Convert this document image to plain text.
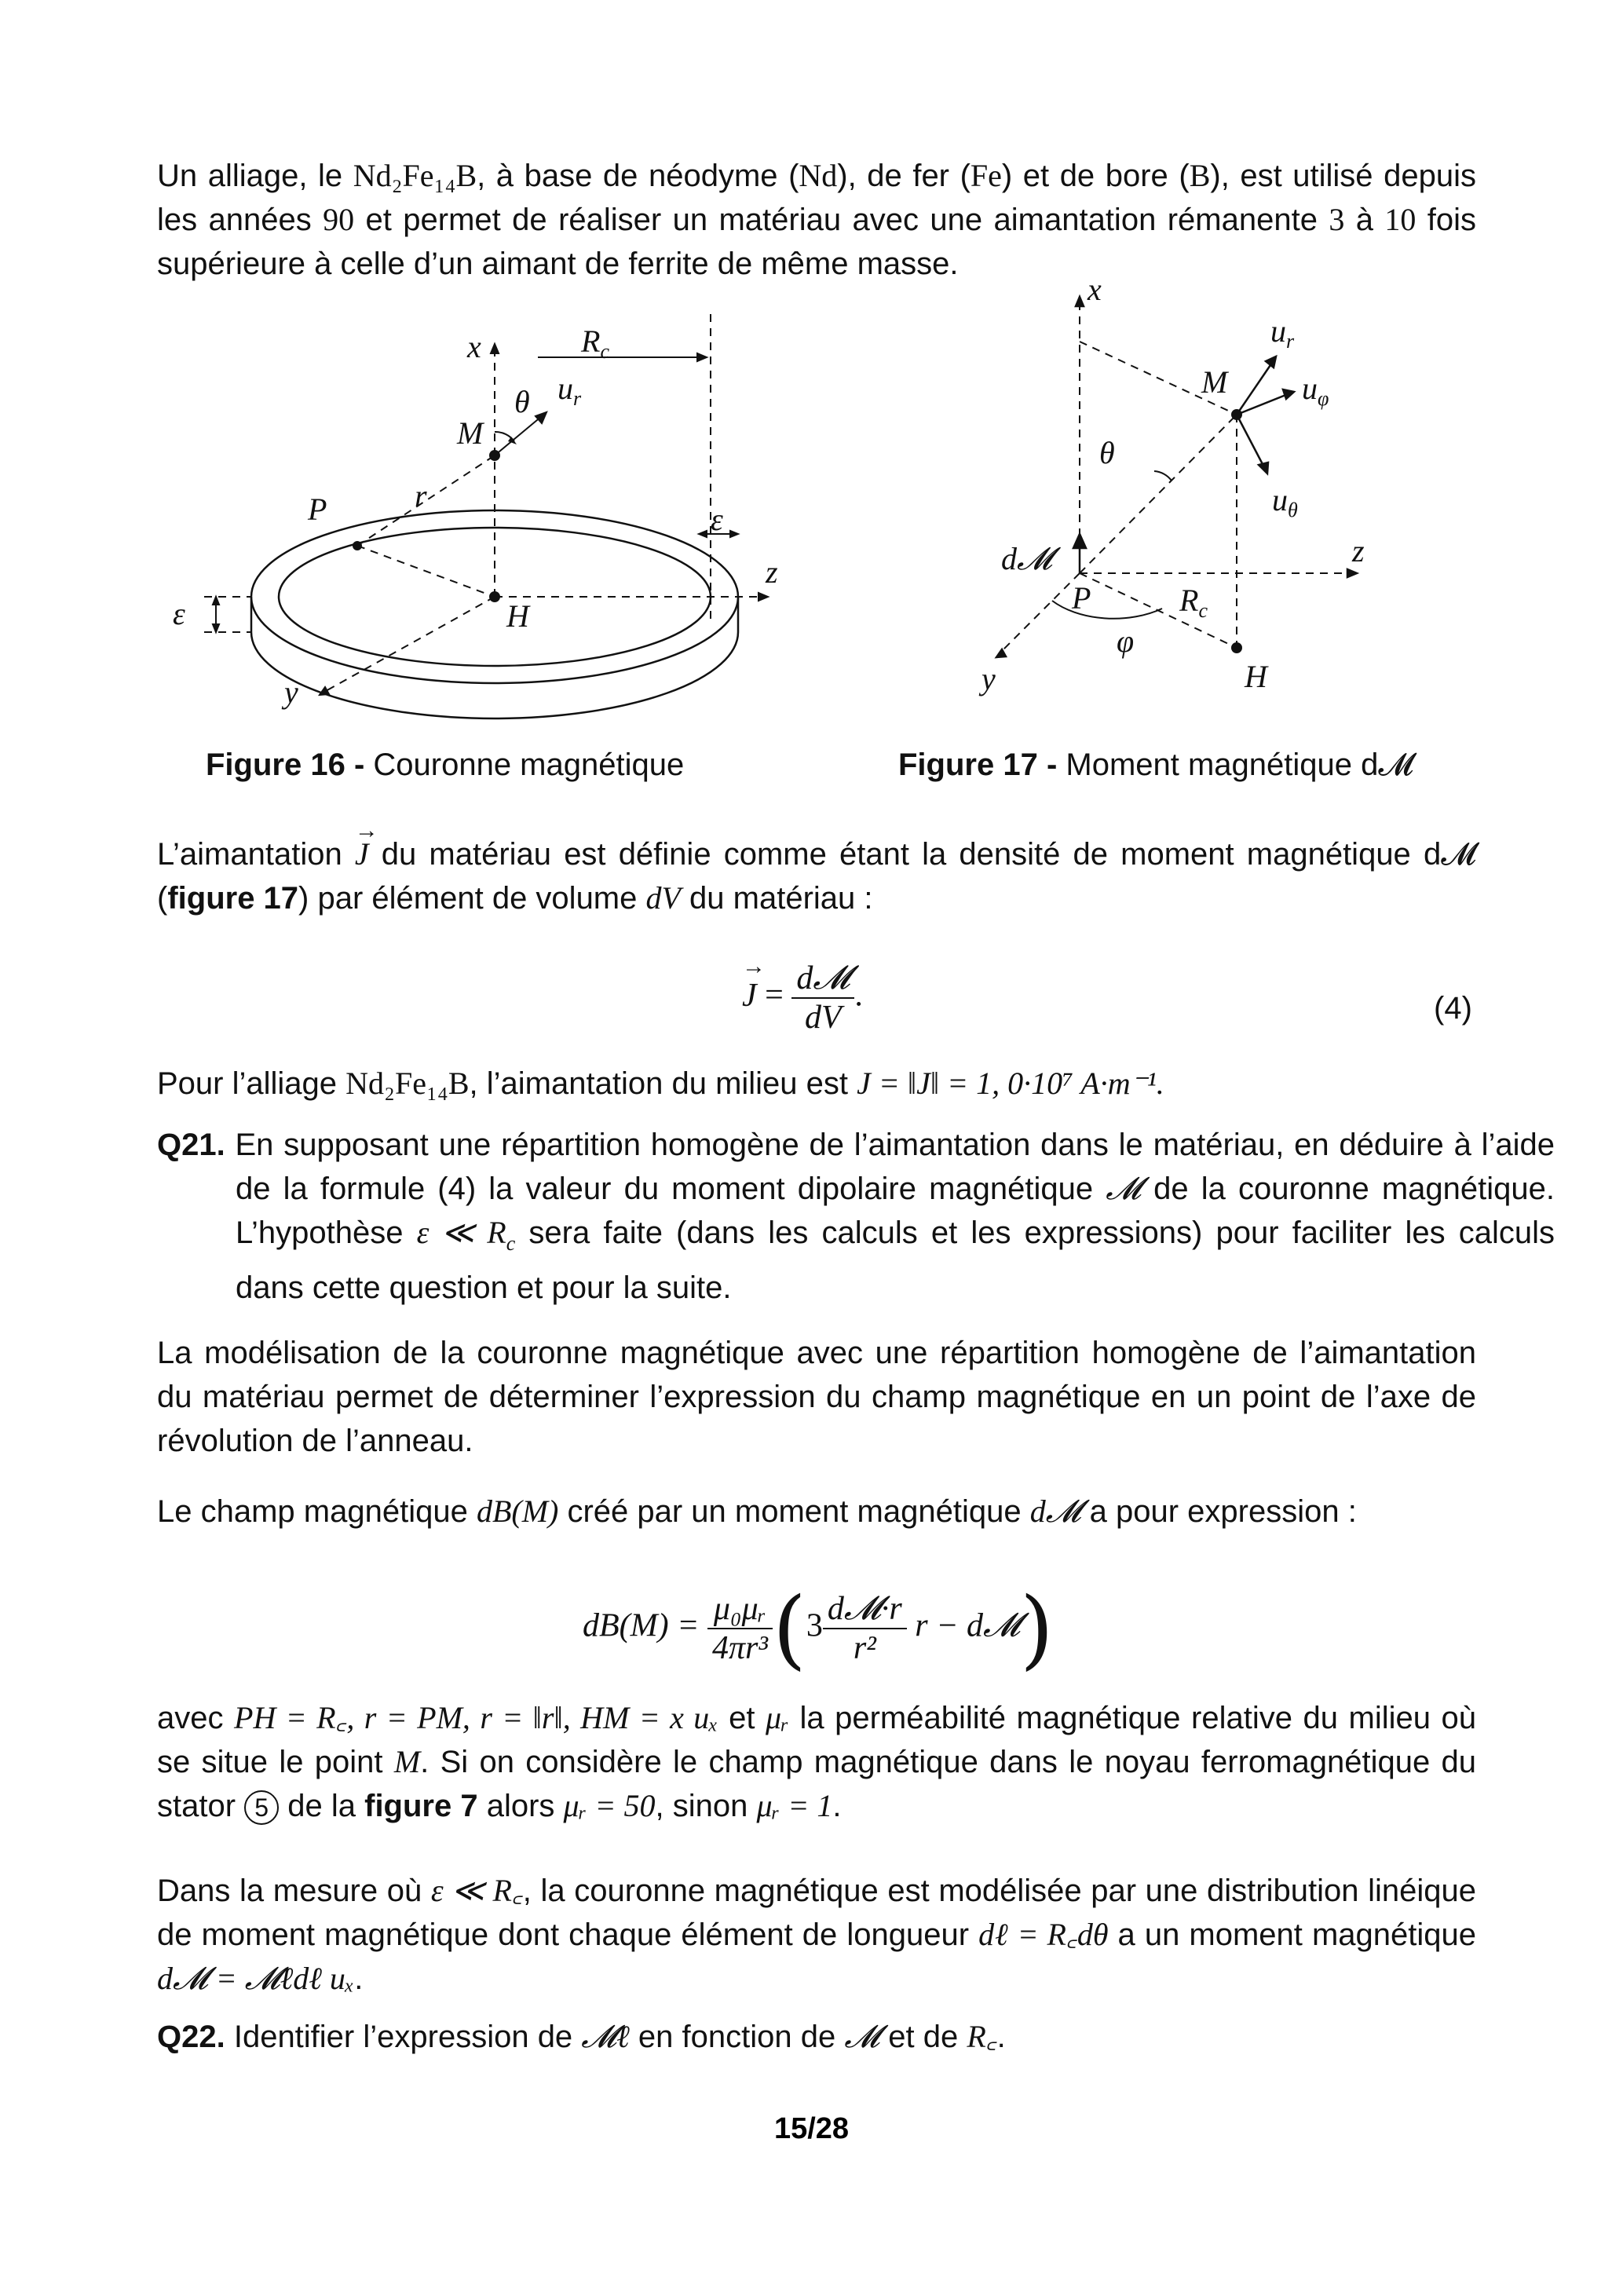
Un alliage, le Nd₂Fe₁₄B, à base de néodyme (Nd), de fer (Fe) et de bore (B), est utilisé depuis les années 90 et permet de réaliser un matériau avec une aimantation rémanente 3 à 10 fois supérieure à celle d’un aimant de ferrite de même masse.

x	$R_c$
θ $u_r$
M
P	r
ε
ε	H
z
y
x
$u_r$
M $u_\varphi$
θ
$u_\theta$
z
d𝓜
P	$R_c$
φ
H
y
Figure 16 - Couronne magnétique	Figure 17 - Moment magnétique d𝓜

L’aimantation → J du matériau est définie comme étant la densité de moment magnétique d𝓜 (figure 17) par élément de volume dV du matériau :

→ $J = \frac{\text{d𝓜}}{dV}$ .	(4)

Pour l’alliage Nd₂Fe₁₄B, l’aimantation du milieu est J = ‖J‖ = 1, 0·10⁷ A·m⁻¹.

Q21. En supposant une répartition homogène de l’aimantation dans le matériau, en déduire à l’aide de la formule (4) la valeur du moment dipolaire magnétique 𝓜 de la couronne magnétique. L’hypothèse ε ≪ $R_c$ sera faite (dans les calculs et les expressions) pour faciliter les calculs dans cette question et pour la suite.

La modélisation de la couronne magnétique avec une répartition homogène de l’aimantation du matériau permet de déterminer l’expression du champ magnétique en un point de l’axe de révolution de l’anneau.

Le champ magnétique dB(M) créé par un moment magnétique d𝓜 a pour expression :

$dB(M) = \frac{\text{μ₀μᵣ}}{\text{4πr³}} (3 \frac{\text{d𝓜·r}}{\text{r²}}$ r − d𝓜)

avec PH = R꜀, r = PM, r = ‖r‖, HM = x uₓ et μᵣ la perméabilité magnétique relative du milieu où se situe le point M. Si on considère le champ magnétique dans le noyau ferromagnétique du stator 5 de la figure 7 alors μᵣ = 50, sinon μᵣ = 1.

Dans la mesure où ε ≪ R꜀, la couronne magnétique est modélisée par une distribution linéique de moment magnétique dont chaque élément de longueur dℓ = R꜀dθ a un moment magnétique d𝓜 = 𝓜ℓdℓ uₓ.

Q22. Identifier l’expression de 𝓜ℓ en fonction de 𝓜 et de R꜀.

15/28
